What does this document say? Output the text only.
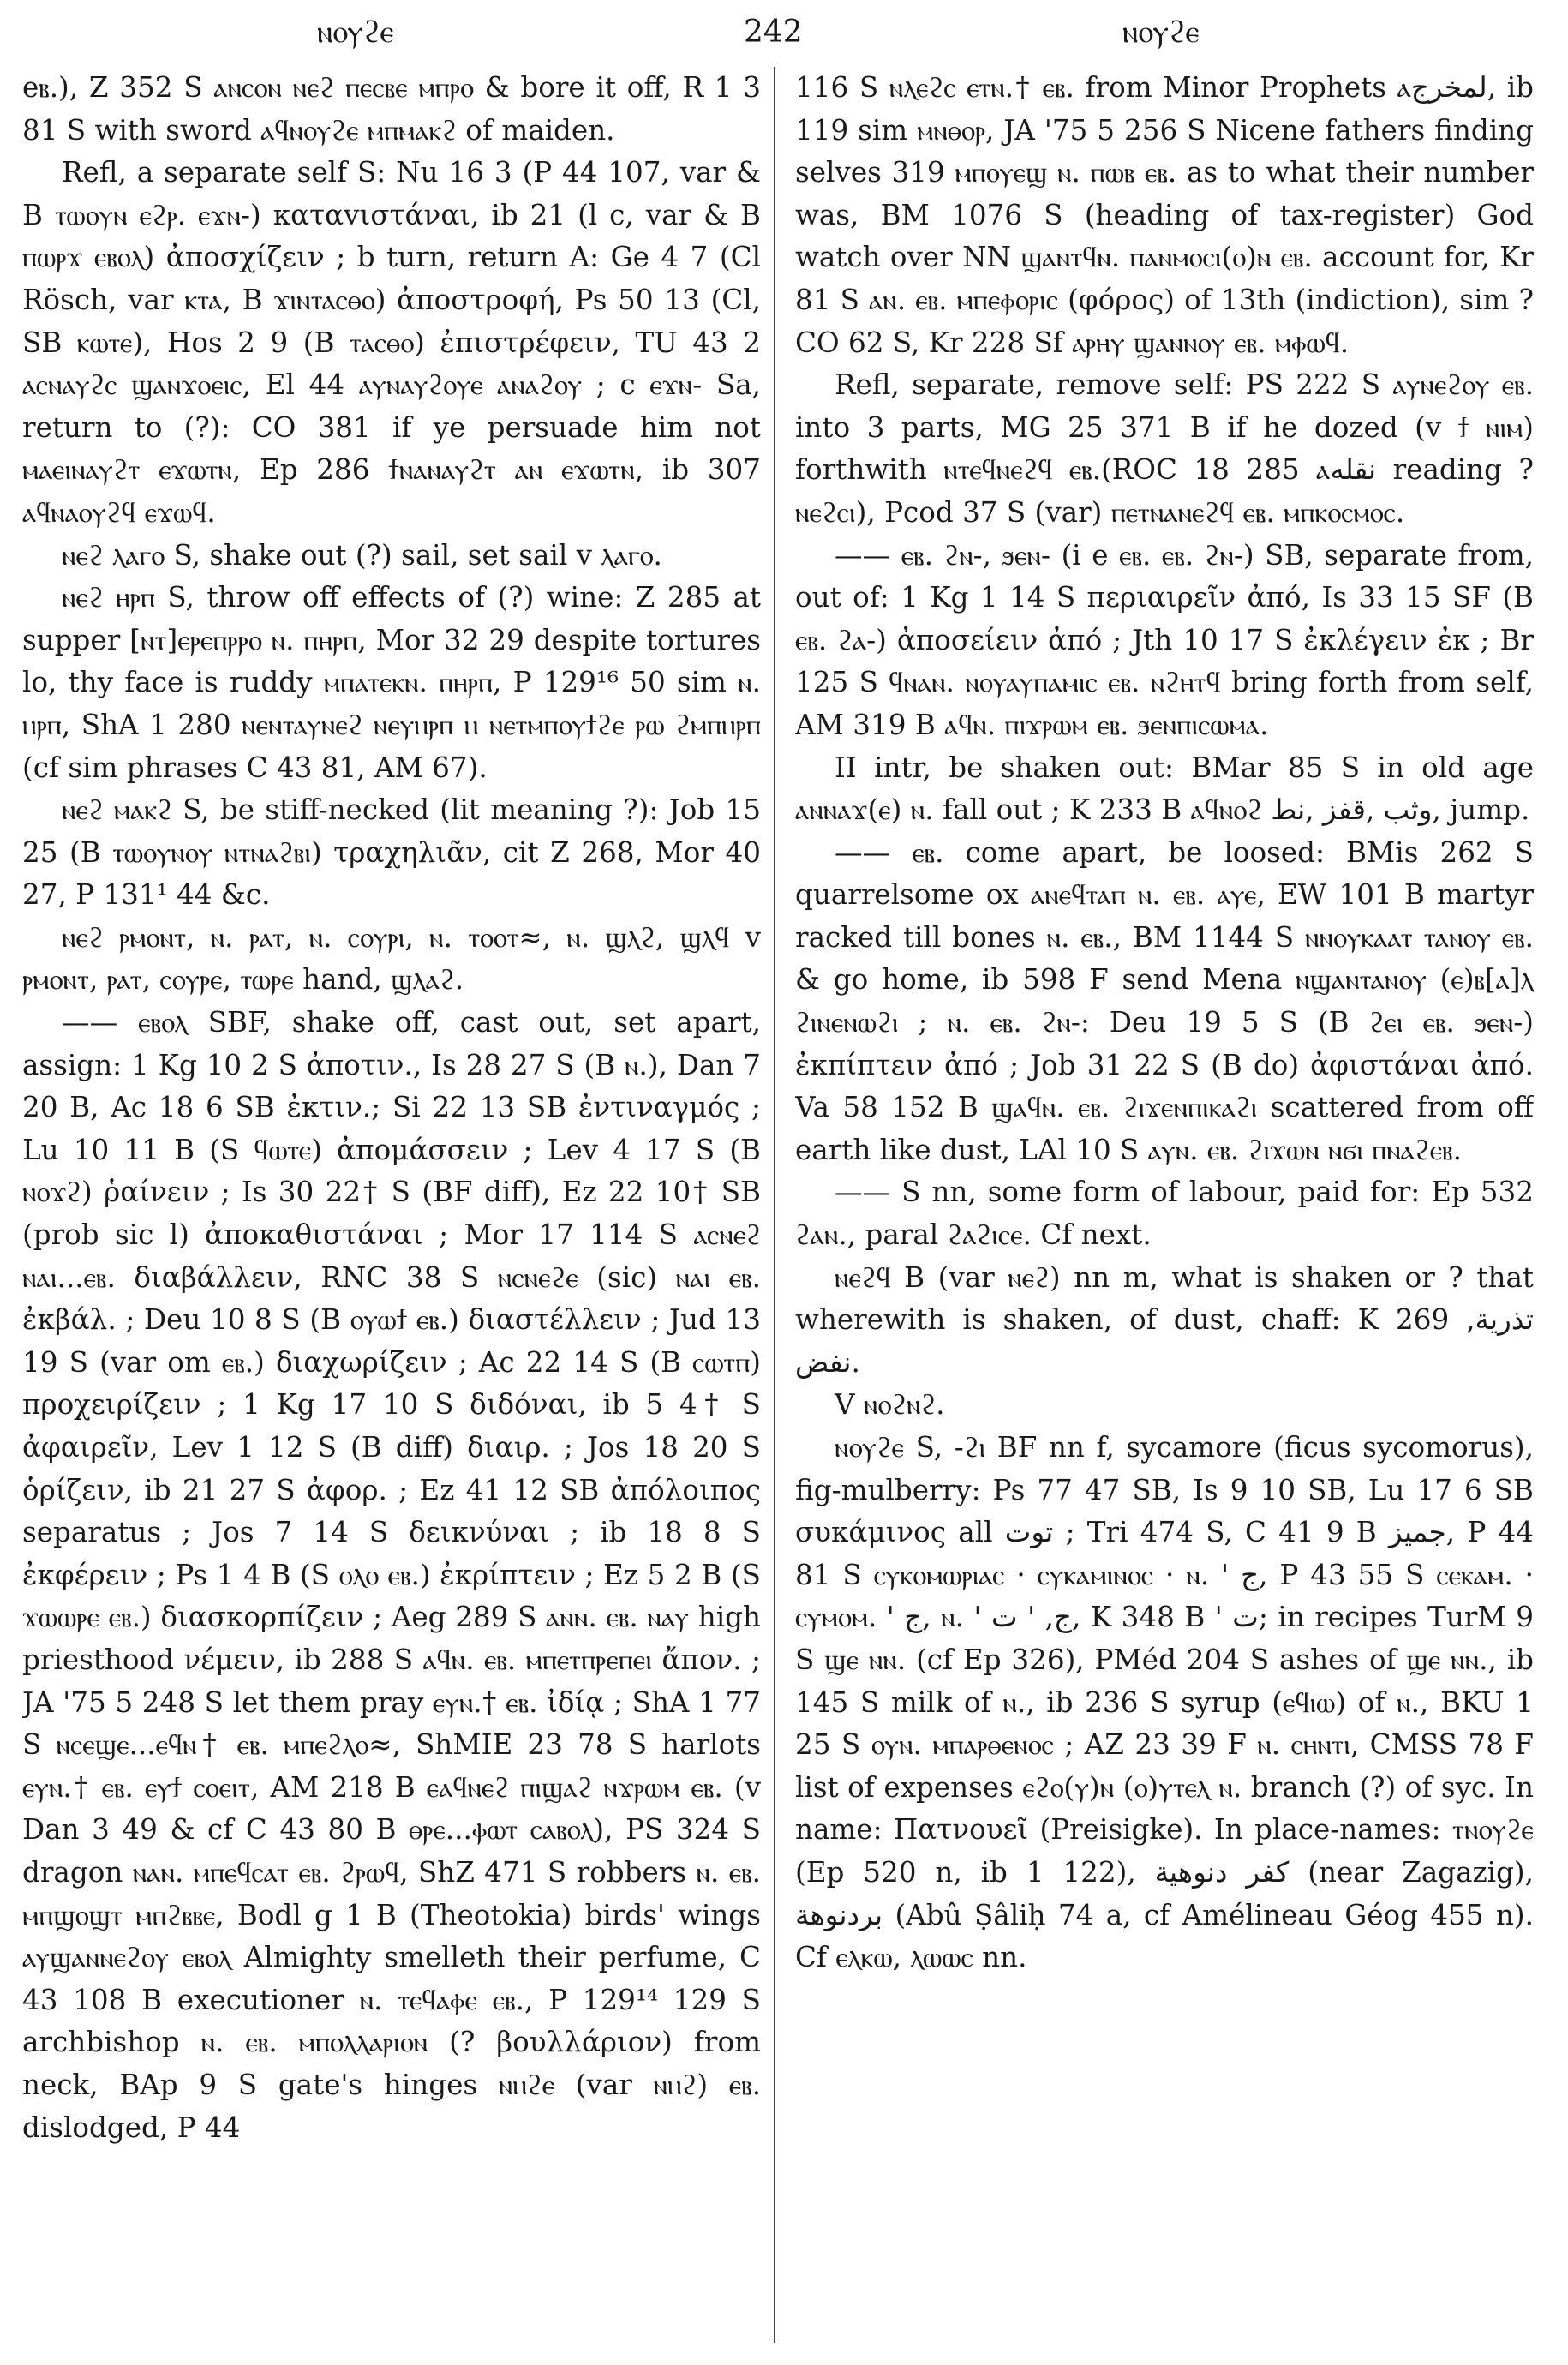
ⲛⲟⲩϩⲉ	242	ⲛⲟⲩϩⲉ

eⲃ.), Z 352 S ⲁⲛⲥⲟⲛ ⲛⲉϩ ⲡⲉⲥⲃⲉ ⲙⲡⲣⲟ & bore it off, R 1 3 81 S with sword ⲁϥⲛⲟⲩϩⲉ ⲙⲡⲙⲁⲕϩ of maiden.

Refl, a separate self S: Nu 16 3 (P 44 107, var & B ⲧⲱⲟⲩⲛ ⲉϩⲣ. ⲉϫⲛ-) καταvιστάναι, ib 21 (l c, var & B ⲡⲱⲣϫ ⲉⲃⲟⲗ) ἀποσχίζειν ; b turn, return A: Ge 4 7 (Cl Rösch, var ⲕⲧⲁ, B ϫⲓⲛⲧⲁⲥⲑⲟ) ἀποστροφή, Ps 50 13 (Cl, SB ⲕⲱⲧⲉ), Hos 2 9 (B ⲧⲁⲥⲑⲟ) ἐπιστρέφειν, TU 43 2 ⲁⲥⲛⲁⲩϩⲥ ϣⲁⲛϫⲟⲉⲓⲥ, El 44 ⲁⲩⲛⲁⲩϩⲟⲩⲉ ⲁⲛⲁϩⲟⲩ ; c ⲉϫⲛ- Sa, return to (?): CO 381 if ye persuade him not ⲙⲁⲉⲓⲛⲁⲩϩⲧ ⲉϫⲱⲧⲛ, Ep 286 ϯⲛⲁⲛⲁⲩϩⲧ ⲁⲛ ⲉϫⲱⲧⲛ, ib 307 ⲁϥⲛⲁⲟⲩϩϥ ⲉϫⲱϥ.

ⲛⲉϩ ⲗⲁⲅⲟ S, shake out (?) sail, set sail v ⲗⲁⲅⲟ.

ⲛⲉϩ ⲏⲣⲡ S, throw off effects of (?) wine: Z 285 at supper [ⲛⲧ]ⲉⲣⲉⲡⲣⲣⲟ ⲛ. ⲡⲏⲣⲡ, Mor 32 29 despite tortures lo, thy face is ruddy ⲙⲡⲁⲧⲉⲕⲛ. ⲡⲏⲣⲡ, P 129¹⁶ 50 sim ⲛ. ⲏⲣⲡ, ShA 1 280 ⲛⲉⲛⲧⲁⲩⲛⲉϩ ⲛⲉⲩⲏⲣⲡ ⲏ ⲛⲉⲧⲙⲡⲟⲩϯϩⲉ ⲣⲱ ϩⲙⲡⲏⲣⲡ (cf sim phrases C 43 81, AM 67).

ⲛⲉϩ ⲙⲁⲕϩ S, be stiff-necked (lit meaning ?): Job 15 25 (B ⲧⲱⲟⲩⲛⲟⲩ ⲛⲧⲛⲁϩⲃⲓ) τραχηλιᾶν, cit Z 268, Mor 40 27, P 131¹ 44 &c.

ⲛⲉϩ ⲣⲙⲟⲛⲧ, ⲛ. ⲣⲁⲧ, ⲛ. ⲥⲟⲩⲣⲓ, ⲛ. ⲧⲟⲟⲧ≈, ⲛ. ϣⲗϩ, ϣⲗϥ v ⲣⲙⲟⲛⲧ, ⲣⲁⲧ, ⲥⲟⲩⲣⲉ, ⲧⲱⲣⲉ hand, ϣⲗⲁϩ.

—— ⲉⲃⲟⲗ SBF, shake off, cast out, set apart, assign: 1 Kg 10 2 S ἀποτιν., Is 28 27 S (B ⲛ.), Dan 7 20 B, Ac 18 6 SB ἐκτιν.; Si 22 13 SB ἐντιναγμός ; Lu 10 11 B (S ϥⲱⲧⲉ) ἀπομάσσειν ; Lev 4 17 S (B ⲛⲟϫϩ) ῥαίνειν ; Is 30 22† S (BF diff), Ez 22 10† SB (prob sic l) ἀποκαθιστάναι ; Mor 17 114 S ⲁⲥⲛⲉϩ ⲛⲁⲓ...ⲉⲃ. διαβάλλειν, RNC 38 S ⲛⲥⲛⲉϩⲉ (sic) ⲛⲁⲓ ⲉⲃ. ἐκβάλ. ; Deu 10 8 S (B ⲟⲩⲱϯ ⲉⲃ.) διαστέλλειν ; Jud 13 19 S (var om ⲉⲃ.) διαχωρίζειν ; Ac 22 14 S (B ⲥⲱⲧⲡ) προχειρίζειν ; 1 Kg 17 10 S διδόναι, ib 5 4† S ἀφαιρεῖν, Lev 1 12 S (B diff) διαιρ. ; Jos 18 20 S ὁρίζειν, ib 21 27 S ἀφορ. ; Ez 41 12 SB ἀπόλοιπος separatus ; Jos 7 14 S δεικνύναι ; ib 18 8 S ἐκφέρειν ; Ps 1 4 B (S ⲑⲗⲟ ⲉⲃ.) ἐκρίπτειν ; Ez 5 2 B (S ϫⲱⲱⲣⲉ ⲉⲃ.) διασκορπίζειν ; Aeg 289 S ⲁⲛⲛ. ⲉⲃ. ⲛⲁⲩ high priesthood νέμειν, ib 288 S ⲁϥⲛ. ⲉⲃ. ⲙⲡⲉⲧⲡⲣⲉⲡⲉⲓ ἄπον. ; JA '75 5 248 S let them pray ⲉⲩⲛ.† ⲉⲃ. ἰδίᾳ ; ShA 1 77 S ⲛⲥⲉϣⲉ...ⲉϥⲛ† ⲉⲃ. ⲙⲡⲉϩⲗⲟ≈, ShMIE 23 78 S harlots ⲉⲩⲛ.† ⲉⲃ. ⲉⲩϯ ⲥⲟⲉⲓⲧ, AM 218 B ⲉⲁϥⲛⲉϩ ⲡⲓϣⲁϩ ⲛϫⲣⲱⲙ ⲉⲃ. (v Dan 3 49 & cf C 43 80 B ⲑⲣⲉ...ⲫⲱⲧ ⲥⲁⲃⲟⲗ), PS 324 S dragon ⲛⲁⲛ. ⲙⲡⲉϥⲥⲁⲧ ⲉⲃ. ϩⲣⲱϥ, ShZ 471 S robbers ⲛ. ⲉⲃ. ⲙⲡϣⲟϣⲧ ⲙⲡϩⲃⲃⲉ, Bodl g 1 B (Theotokia) birds' wings ⲁⲩϣⲁⲛⲛⲉϩⲟⲩ ⲉⲃⲟⲗ Almighty smelleth their perfume, C 43 108 B executioner ⲛ. ⲧⲉϥⲁⲫⲉ ⲉⲃ., P 129¹⁴ 129 S archbishop ⲛ. ⲉⲃ. ⲙⲡⲟⲗⲗⲁⲣⲓⲟⲛ (? βουλλάριον) from neck, BAp 9 S gate's hinges ⲛⲏϩⲉ (var ⲛⲏϩ) ⲉⲃ. dislodged, P 44

116 S ⲛⲗⲉϩⲥ ⲉⲧⲛ.† ⲉⲃ. from Minor Prophets ⲁلمخرج, ib 119 sim ⲙⲛⲑⲟⲣ, JA '75 5 256 S Nicene fathers finding selves 319 ⲙⲡⲟⲩⲉϣ ⲛ. ⲡⲱⲃ ⲉⲃ. as to what their number was, BM 1076 S (heading of tax-register) God watch over NN ϣⲁⲛⲧϥⲛ. ⲡⲁⲛⲙⲟⲥⲓ(ⲟ)ⲛ ⲉⲃ. account for, Kr 81 S ⲁⲛ. ⲉⲃ. ⲙⲡⲉⲫⲟⲣⲓⲥ (φόρος) of 13th (indiction), sim ? CO 62 S, Kr 228 Sf ⲁⲣⲏⲩ ϣⲁⲛⲛⲟⲩ ⲉⲃ. ⲙⲫⲱϥ.

Refl, separate, remove self: PS 222 S ⲁⲩⲛⲉϩⲟⲩ ⲉⲃ. into 3 parts, MG 25 371 B if he dozed (v ϯ ⲛⲓⲙ) forthwith ⲛⲧⲉϥⲛⲉϩϥ ⲉⲃ.(ROC 18 285 ⲁنقله reading ? ⲛⲉϩⲥⲓ), Pcod 37 S (var) ⲡⲉⲧⲛⲁⲛⲉϩϥ ⲉⲃ. ⲙⲡⲕⲟⲥⲙⲟⲥ.

—— ⲉⲃ. ϩⲛ-, ϧⲉⲛ- (i e ⲉⲃ. ⲉⲃ. ϩⲛ-) SB, separate from, out of: 1 Kg 1 14 S περιαιρεῖν ἀπό, Is 33 15 SF (B ⲉⲃ. ϩⲁ-) ἀποσείειν ἀπό ; Jth 10 17 S ἐκλέγειν ἐκ ; Br 125 S ϥⲛⲁⲛ. ⲛⲟⲩⲁⲩⲡⲁⲙⲓⲥ ⲉⲃ. ⲛϩⲏⲧϥ bring forth from self, AM 319 B ⲁϥⲛ. ⲡⲓϫⲣⲱⲙ ⲉⲃ. ϧⲉⲛⲡⲓⲥⲱⲙⲁ.

II intr, be shaken out: BMar 85 S in old age ⲁⲛⲛⲁϫ(ⲉ) ⲛ. fall out ; K 233 B ⲁϥⲛⲟϩ وثب ,قفز ,نط, jump.

—— ⲉⲃ. come apart, be loosed: BMis 262 S quarrelsome ox ⲁⲛⲉϥⲧⲁⲡ ⲛ. ⲉⲃ. ⲁⲩⲉ, EW 101 B martyr racked till bones ⲛ. ⲉⲃ., BM 1144 S ⲛⲛⲟⲩⲕⲁⲁⲧ ⲧⲁⲛⲟⲩ ⲉⲃ. & go home, ib 598 F send Mena ⲛϣⲁⲛⲧⲁⲛⲟⲩ (ⲉ)ⲃ[ⲁ]ⲗ ϩⲓⲛⲉⲛⲱϩⲓ ; ⲛ. ⲉⲃ. ϩⲛ-: Deu 19 5 S (B ϩⲉⲓ ⲉⲃ. ϧⲉⲛ-) ἐκπίπτειν ἀπό ; Job 31 22 S (B do) ἀφιστάναι ἀπό. Va 58 152 B ϣⲁϥⲛ. ⲉⲃ. ϩⲓϫⲉⲛⲡⲓⲕⲁϩⲓ scattered from off earth like dust, LAl 10 S ⲁⲩⲛ. ⲉⲃ. ϩⲓϫⲱⲛ ⲛϭⲓ ⲡⲛⲁϩⲉⲃ.

—— S nn, some form of labour, paid for: Ep 532 ϩⲁⲛ., paral ϩⲁϩⲓⲥⲉ. Cf next.

ⲛⲉϩϥ B (var ⲛⲉϩ) nn m, what is shaken or ? that wherewith is shaken, of dust, chaff: K 269 تذرية, نفض.

V ⲛⲟϩⲛϩ.

ⲛⲟⲩϩⲉ S, -ϩⲓ BF nn f, sycamore (ficus sycomorus), fig-mulberry: Ps 77 47 SB, Is 9 10 SB, Lu 17 6 SB συκάμινος all توت ; Tri 474 S, C 41 9 B جميز, P 44 81 S ⲥⲩⲕⲟⲙⲱⲣⲓⲁⲥ · ⲥⲩⲕⲁⲙⲓⲛⲟⲥ · ⲛ. ' ج, P 43 55 S ⲥⲉⲕⲁⲙ. · ⲥⲩⲙⲟⲙ. ' ج, ⲛ. ' ج, ' ت, K 348 B ' ت; in recipes TurM 9 S ϣⲉ ⲛⲛ. (cf Ep 326), PMéd 204 S ashes of ϣⲉ ⲛⲛ., ib 145 S milk of ⲛ., ib 236 S syrup (ⲉϥⲓⲱ) of ⲛ., BKU 1 25 S ⲟⲩⲛ. ⲙⲡⲁⲣⲑⲉⲛⲟⲥ ; AZ 23 39 F ⲛ. ⲥⲏⲛⲧⲓ, CMSS 78 F list of expenses ⲉϩⲟ(ⲩ)ⲛ (ⲟ)ⲩⲧⲉⲗ ⲛ. branch (?) of syc. In name: Πατνουεῖ (Preisigke). In place-names: ⲧⲛⲟⲩϩⲉ (Ep 520 n, ib 1 122), كفر دنوهية (near Zagazig), بردنوهة (Abû Ṣâliḥ 74 a, cf Amélineau Géog 455 n). Cf ⲉⲗⲕⲱ, ⲗⲱⲱⲥ nn.
